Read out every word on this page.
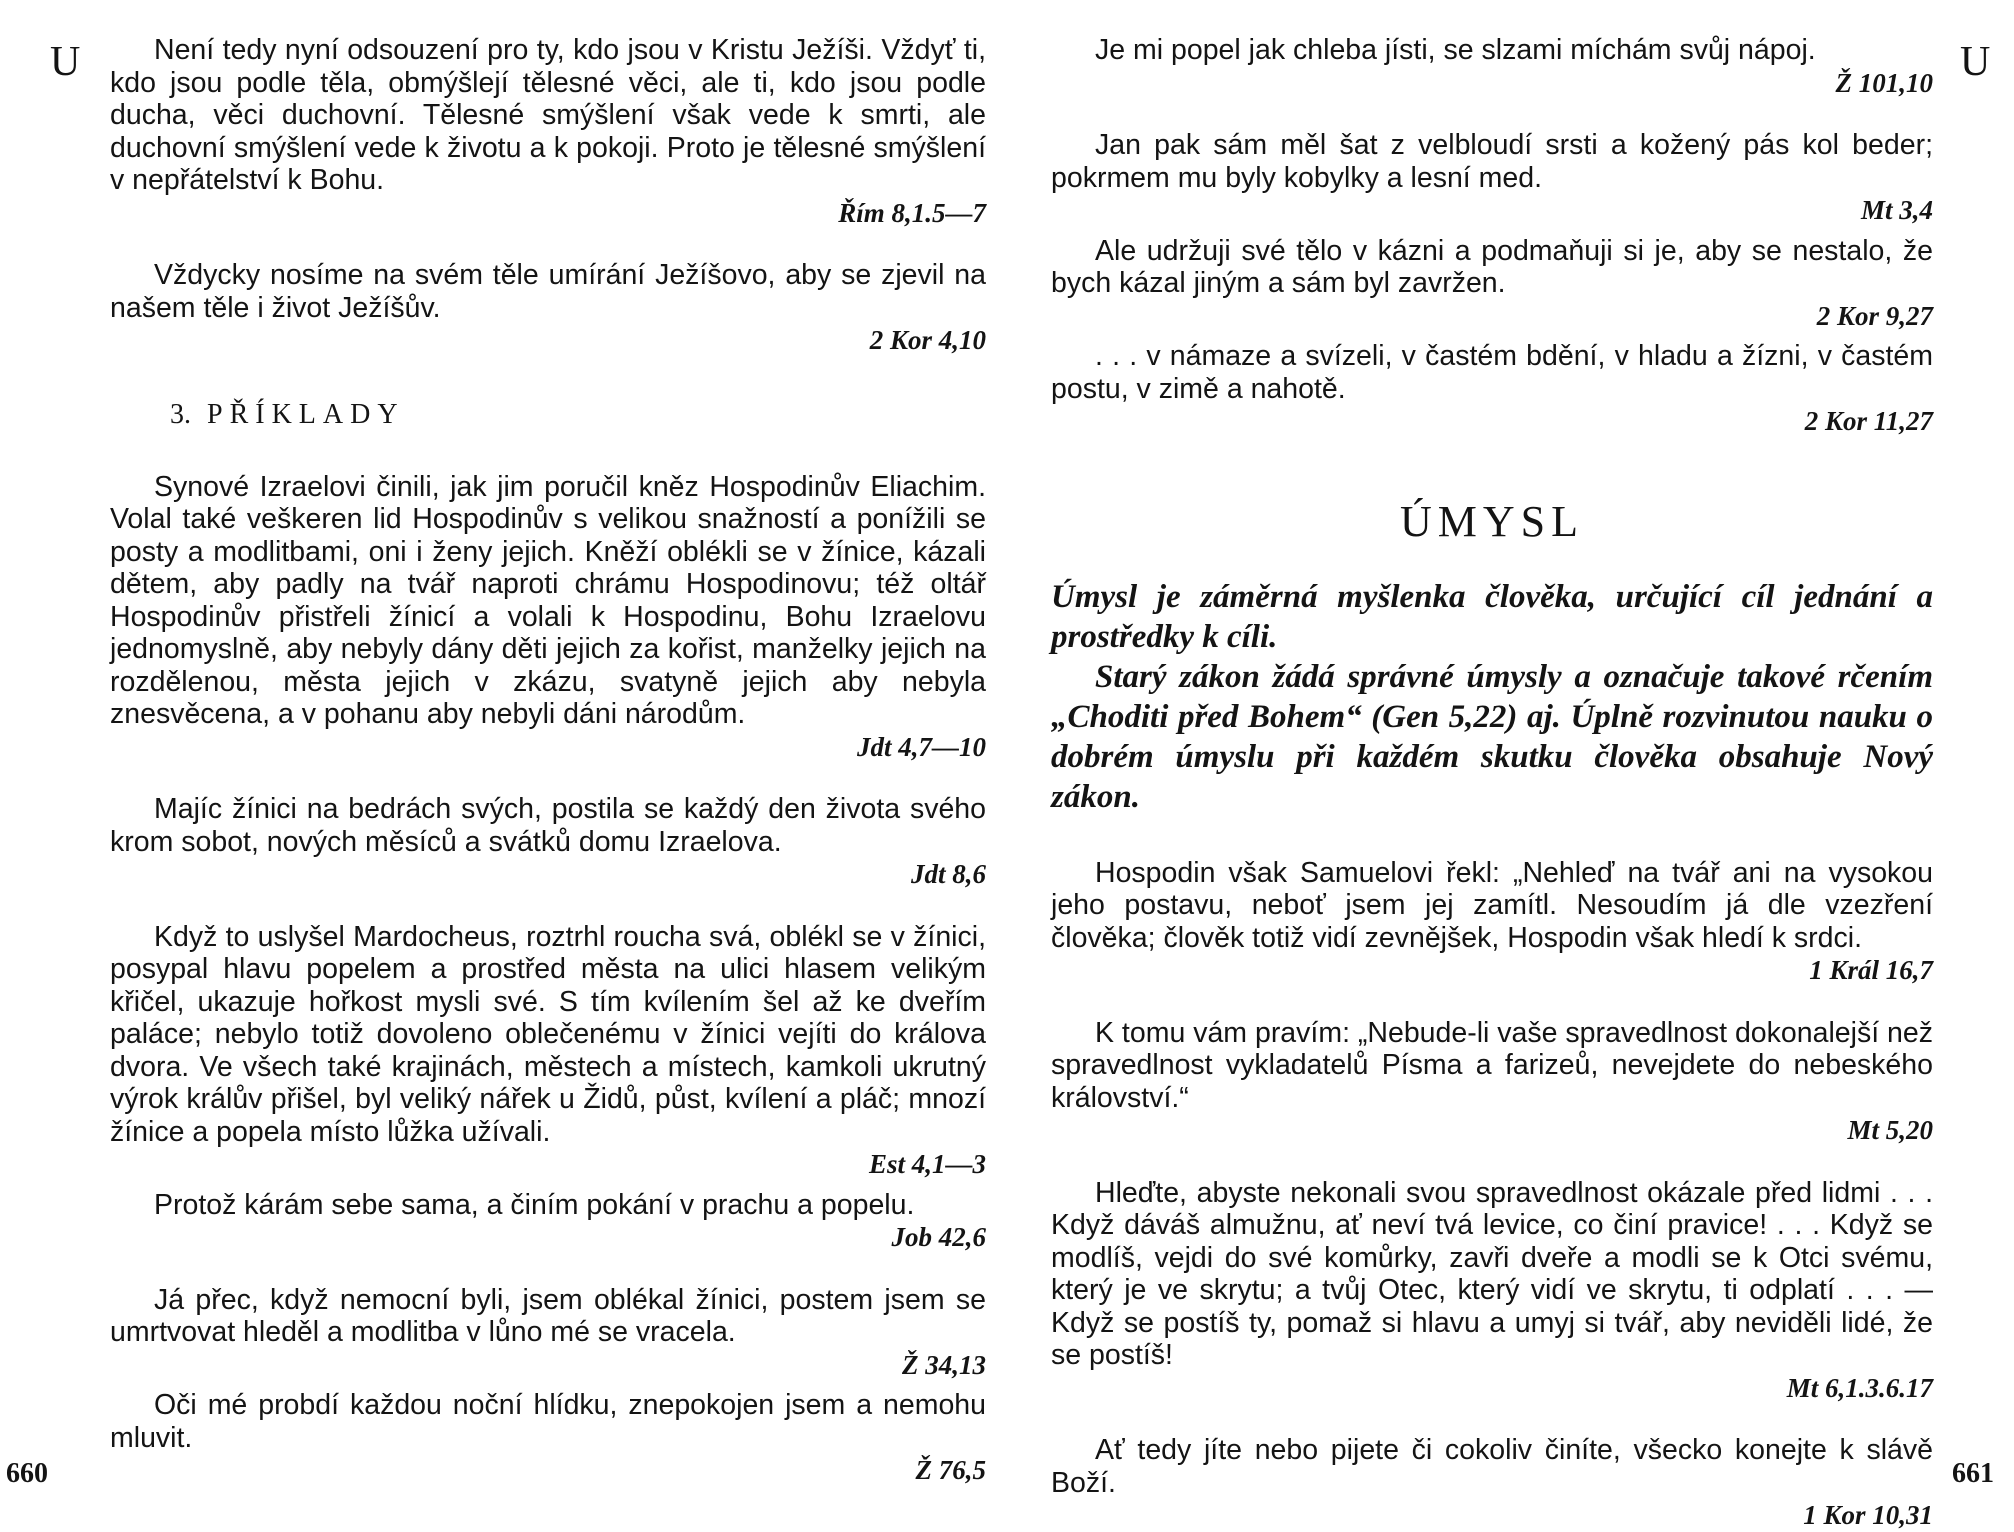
U
660
Není tedy nyní odsouzení pro ty, kdo jsou v Kristu Ježíši. Vždyť ti, kdo jsou podle těla, obmýšlejí tělesné věci, ale ti, kdo jsou podle ducha, věci duchovní. Tělesné smýšlení však vede k smrti, ale duchovní smýšlení vede k životu a k pokoji. Proto je tělesné smýšlení v nepřátelství k Bohu.
Řím 8,1.5—7
Vždycky nosíme na svém těle umírání Ježíšovo, aby se zjevil na našem těle i život Ježíšův.
2 Kor 4,10
3. PŘÍKLADY
Synové Izraelovi činili, jak jim poručil kněz Hospodinův Eliachim. Volal také veškeren lid Hospodinův s velikou snažností a ponížili se posty a modlitbami, oni i ženy jejich. Kněží oblékli se v žínice, kázali dětem, aby padly na tvář naproti chrámu Hospodinovu; též oltář Hospodinův přistřeli žínicí a volali k Hospodinu, Bohu Izraelovu jednomyslně, aby nebyly dány děti jejich za kořist, manželky jejich na rozdělenou, města jejich v zkázu, svatyně jejich aby nebyla znesvěcena, a v pohanu aby nebyli dáni národům.
Jdt 4,7—10
Majíc žínici na bedrách svých, postila se každý den života svého krom sobot, nových měsíců a svátků domu Izraelova.
Jdt 8,6
Když to uslyšel Mardocheus, roztrhl roucha svá, oblékl se v žínici, posypal hlavu popelem a prostřed města na ulici hlasem velikým křičel, ukazuje hořkost mysli své. S tím kvílením šel až ke dveřím paláce; nebylo totiž dovoleno oblečenému v žínici vejíti do králova dvora. Ve všech také krajinách, městech a místech, kamkoli ukrutný výrok králův přišel, byl veliký nářek u Židů, půst, kvílení a pláč; mnozí žínice a popela místo lůžka užívali.
Est 4,1—3
Protož kárám sebe sama, a činím pokání v prachu a popelu.
Job 42,6
Já přec, když nemocní byli, jsem oblékal žínici, postem jsem se umrtvovat hleděl a modlitba v lůno mé se vracela.
Ž 34,13
Oči mé probdí každou noční hlídku, znepokojen jsem a nemohu mluvit.
Ž 76,5
U
661
Je mi popel jak chleba jísti, se slzami míchám svůj nápoj.
Ž 101,10
Jan pak sám měl šat z velbloudí srsti a kožený pás kol beder; pokrmem mu byly kobylky a lesní med.
Mt 3,4
Ale udržuji své tělo v kázni a podmaňuji si je, aby se nestalo, že bych kázal jiným a sám byl zavržen.
2 Kor 9,27
. . . v námaze a svízeli, v častém bdění, v hladu a žízni, v častém postu, v zimě a nahotě.
2 Kor 11,27
ÚMYSL
Úmysl je záměrná myšlenka člověka, určující cíl jednání a prostředky k cíli.
Starý zákon žádá správné úmysly a označuje takové rčením „Choditi před Bohem“ (Gen 5,22) aj. Úplně rozvinutou nauku o dobrém úmyslu při každém skutku člověka obsahuje Nový zákon.
Hospodin však Samuelovi řekl: „Nehleď na tvář ani na vysokou jeho postavu, neboť jsem jej zamítl. Nesoudím já dle vzezření člověka; člověk totiž vidí zevnějšek, Hospodin však hledí k srdci.
1 Král 16,7
K tomu vám pravím: „Nebude-li vaše spravedlnost dokonalejší než spravedlnost vykladatelů Písma a farizeů, nevejdete do nebeského království.“
Mt 5,20
Hleďte, abyste nekonali svou spravedlnost okázale před lidmi . . . Když dáváš almužnu, ať neví tvá levice, co činí pravice! . . . Když se modlíš, vejdi do své komůrky, zavři dveře a modli se k Otci svému, který je ve skrytu; a tvůj Otec, který vidí ve skrytu, ti odplatí . . . — Když se postíš ty, pomaž si hlavu a umyj si tvář, aby neviděli lidé, že se postíš!
Mt 6,1.3.6.17
Ať tedy jíte nebo pijete či cokoliv činíte, všecko konejte k slávě Boží.
1 Kor 10,31
